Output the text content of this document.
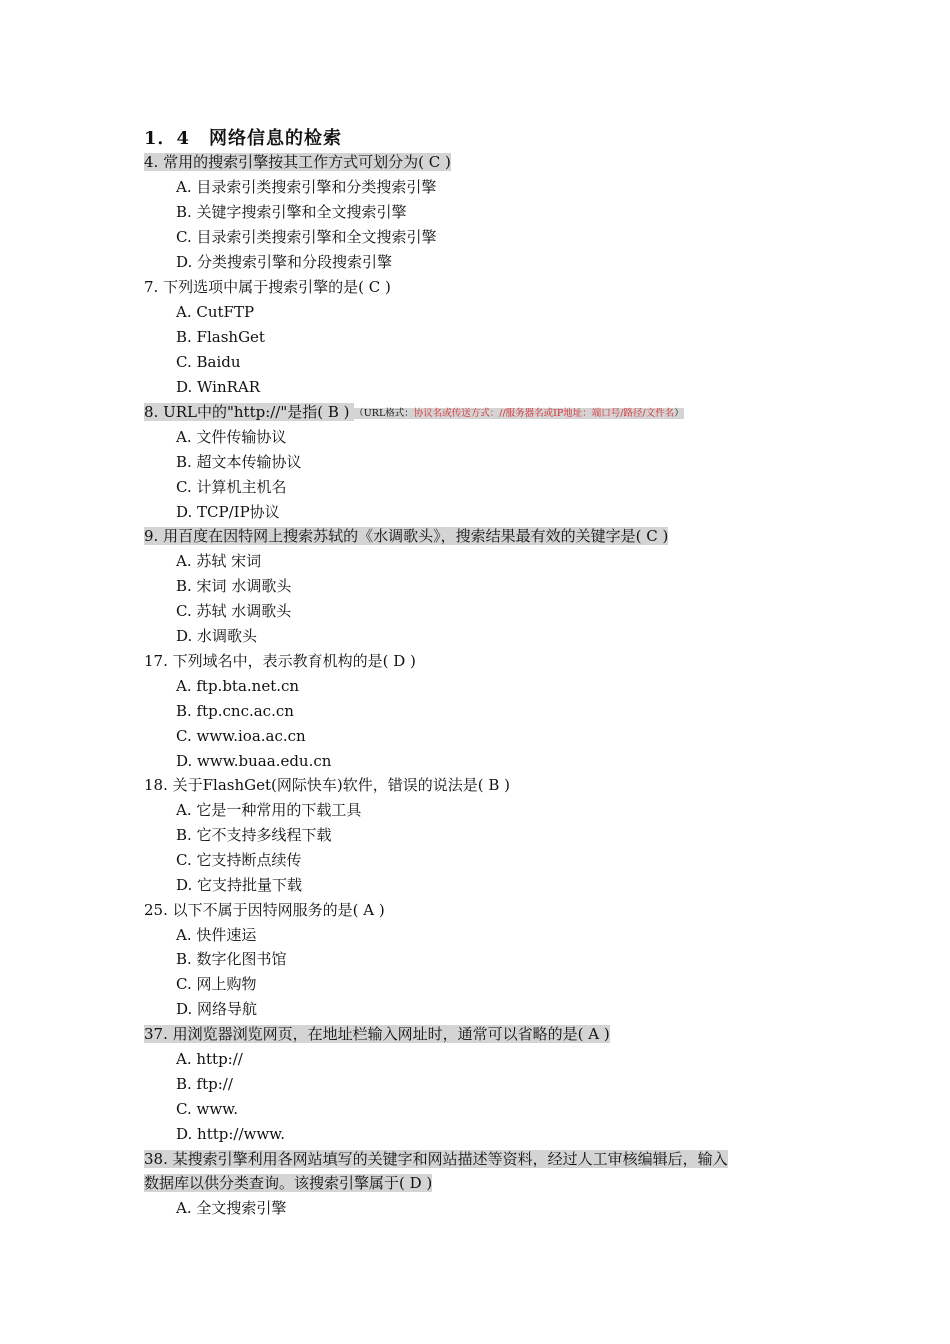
1．4　网络信息的检索
4. 常用的搜索引擎按其工作方式可划分为( C )
A. 目录索引类搜索引擎和分类搜索引擎
B. 关键字搜索引擎和全文搜索引擎
C. 目录索引类搜索引擎和全文搜索引擎
D. 分类搜索引擎和分段搜索引擎
7. 下列选项中属于搜索引擎的是( C )
A. CutFTP
B. FlashGet
C. Baidu
D. WinRAR
8. URL中的"http://"是指( B ) （URL格式：协议名或传送方式：//服务器名或IP地址：端口号/路径/文件名）
A. 文件传输协议
B. 超文本传输协议
C. 计算机主机名
D. TCP/IP协议
9. 用百度在因特网上搜索苏轼的《水调歌头》，搜索结果最有效的关键字是( C )
A. 苏轼 宋词
B. 宋词 水调歌头
C. 苏轼 水调歌头
D. 水调歌头
17. 下列域名中，表示教育机构的是( D )
A. ftp.bta.net.cn
B. ftp.cnc.ac.cn
C. www.ioa.ac.cn
D. www.buaa.edu.cn
18. 关于FlashGet(网际快车)软件，错误的说法是( B )
A. 它是一种常用的下载工具
B. 它不支持多线程下载
C. 它支持断点续传
D. 它支持批量下载
25. 以下不属于因特网服务的是( A )
A. 快件速运
B. 数字化图书馆
C. 网上购物
D. 网络导航
37. 用浏览器浏览网页，在地址栏输入网址时，通常可以省略的是( A )
A. http://
B. ftp://
C. www.
D. http://www.
38. 某搜索引擎利用各网站填写的关键字和网站描述等资料，经过人工审核编辑后，输入
数据库以供分类查询。该搜索引擎属于( D )
A. 全文搜索引擎
